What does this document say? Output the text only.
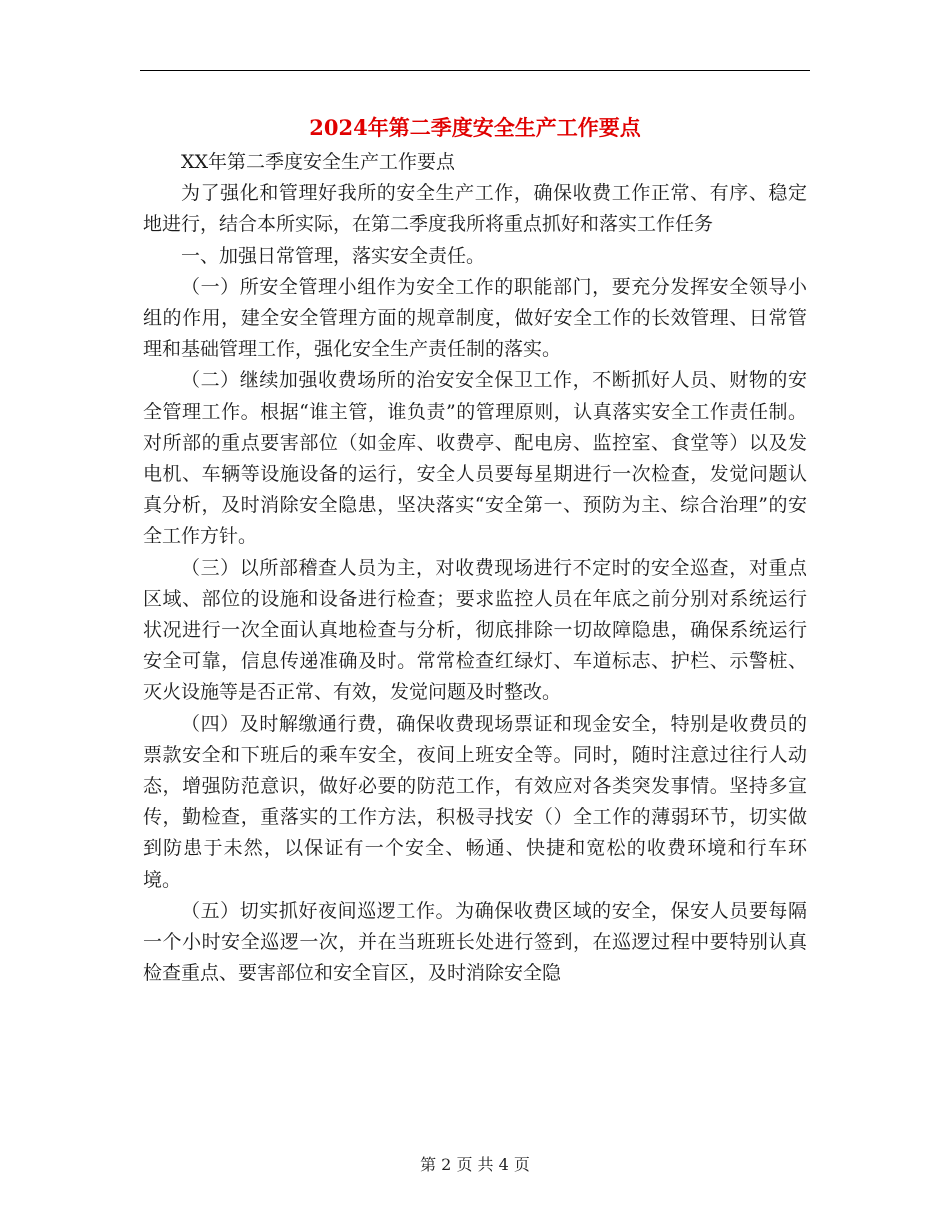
2024年第二季度安全生产工作要点

XX年第二季度安全生产工作要点

为了强化和管理好我所的安全生产工作，确保收费工作正常、有序、稳定地进行，结合本所实际，在第二季度我所将重点抓好和落实工作任务

一、加强日常管理，落实安全责任。

（一）所安全管理小组作为安全工作的职能部门，要充分发挥安全领导小组的作用，建全安全管理方面的规章制度，做好安全工作的长效管理、日常管理和基础管理工作，强化安全生产责任制的落实。

（二）继续加强收费场所的治安安全保卫工作，不断抓好人员、财物的安全管理工作。根据“谁主管，谁负责”的管理原则，认真落实安全工作责任制。对所部的重点要害部位（如金库、收费亭、配电房、监控室、食堂等）以及发电机、车辆等设施设备的运行，安全人员要每星期进行一次检查，发觉问题认真分析，及时消除安全隐患，坚决落实“安全第一、预防为主、综合治理”的安全工作方针。

（三）以所部稽查人员为主，对收费现场进行不定时的安全巡查，对重点区域、部位的设施和设备进行检查；要求监控人员在年底之前分别对系统运行状况进行一次全面认真地检查与分析，彻底排除一切故障隐患，确保系统运行安全可靠，信息传递准确及时。常常检查红绿灯、车道标志、护栏、示警桩、灭火设施等是否正常、有效，发觉问题及时整改。

（四）及时解缴通行费，确保收费现场票证和现金安全，特别是收费员的票款安全和下班后的乘车安全，夜间上班安全等。同时，随时注意过往行人动态，增强防范意识，做好必要的防范工作，有效应对各类突发事情。坚持多宣传，勤检查，重落实的工作方法，积极寻找安（）全工作的薄弱环节，切实做到防患于未然，以保证有一个安全、畅通、快捷和宽松的收费环境和行车环境。

（五）切实抓好夜间巡逻工作。为确保收费区域的安全，保安人员要每隔一个小时安全巡逻一次，并在当班班长处进行签到，在巡逻过程中要特别认真检查重点、要害部位和安全盲区，及时消除安全隐

第 2 页 共 4 页
